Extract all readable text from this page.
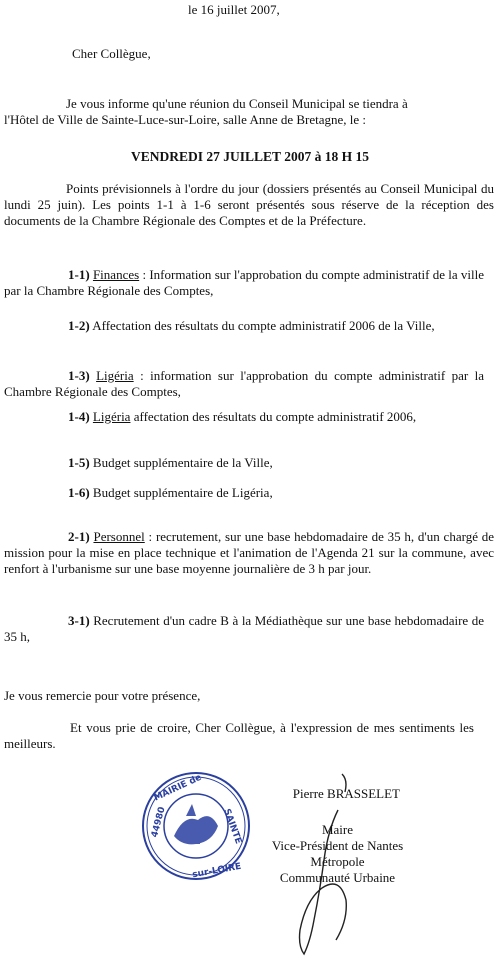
le 16 juillet 2007,

Cher Collègue,

Je vous informe qu'une réunion du Conseil Municipal se tiendra à
l'Hôtel de Ville de Sainte-Luce-sur-Loire, salle Anne de Bretagne, le :

VENDREDI 27 JUILLET 2007 à 18 H 15

Points prévisionnels à l'ordre du jour (dossiers présentés au Conseil Municipal du lundi 25 juin). Les points 1-1 à 1-6 seront présentés sous réserve de la réception des documents de la Chambre Régionale des Comptes et de la Préfecture.

1-1) Finances : Information sur l'approbation du compte administratif de la ville par la Chambre Régionale des Comptes,

1-2) Affectation des résultats du compte administratif 2006 de la Ville,

1-3) Ligéria : information sur l'approbation du compte administratif par la Chambre Régionale des Comptes,

1-4) Ligéria affectation des résultats du compte administratif 2006,

1-5) Budget supplémentaire de la Ville,

1-6) Budget supplémentaire de Ligéria,

2-1) Personnel : recrutement, sur une base hebdomadaire de 35 h, d'un chargé de mission pour la mise en place technique et l'animation de l'Agenda 21 sur la commune, avec renfort à l'urbanisme sur une base moyenne journalière de 3 h par jour.

3-1) Recrutement d'un cadre B à la Médiathèque sur une base hebdomadaire de 35 h,

Je vous remercie pour votre présence,

Et vous prie de croire, Cher Collègue, à l'expression de mes sentiments les meilleurs.

MAIRIE de
SAINTE
sur-LOIRE
44980

Pierre BRASSELET

Maire
Vice-Président de Nantes Métropole
Communauté Urbaine
